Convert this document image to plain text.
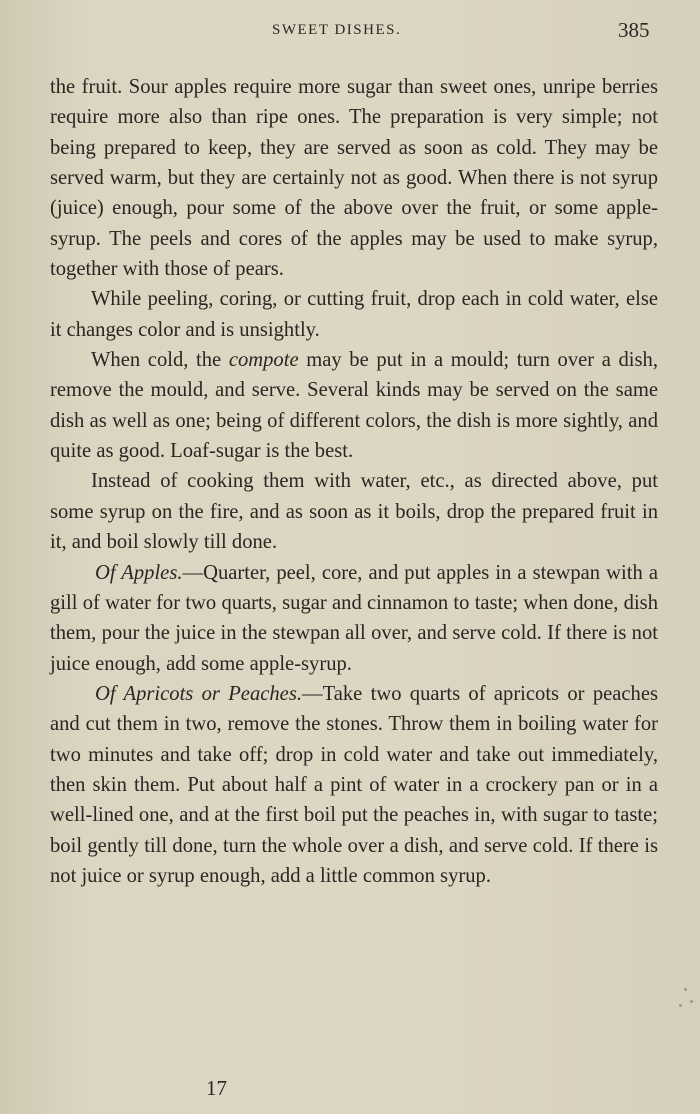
SWEET DISHES.	385

the fruit. Sour apples require more sugar than sweet ones, unripe berries require more also than ripe ones. The preparation is very simple; not being prepared to keep, they are served as soon as cold. They may be served warm, but they are certainly not as good. When there is not syrup (juice) enough, pour some of the above over the fruit, or some apple-syrup. The peels and cores of the apples may be used to make syrup, together with those of pears.

While peeling, coring, or cutting fruit, drop each in cold water, else it changes color and is unsightly.

When cold, the compote may be put in a mould; turn over a dish, remove the mould, and serve. Several kinds may be served on the same dish as well as one; being of different colors, the dish is more sightly, and quite as good. Loaf-sugar is the best.

Instead of cooking them with water, etc., as directed above, put some syrup on the fire, and as soon as it boils, drop the prepared fruit in it, and boil slowly till done.

Of Apples.—Quarter, peel, core, and put apples in a stewpan with a gill of water for two quarts, sugar and cinnamon to taste; when done, dish them, pour the juice in the stewpan all over, and serve cold. If there is not juice enough, add some apple-syrup.

Of Apricots or Peaches.—Take two quarts of apricots or peaches and cut them in two, remove the stones. Throw them in boiling water for two minutes and take off; drop in cold water and take out immediately, then skin them. Put about half a pint of water in a crockery pan or in a well-lined one, and at the first boil put the peaches in, with sugar to taste; boil gently till done, turn the whole over a dish, and serve cold. If there is not juice or syrup enough, add a little common syrup.

17
